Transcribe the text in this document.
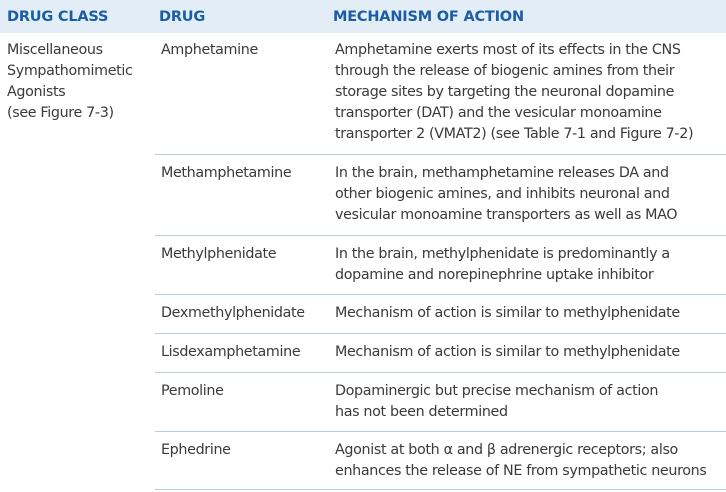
DRUG CLASS	DRUG	MECHANISM OF ACTION
Miscellaneous
Sympathomimetic
Agonists
(see Figure 7-3)
Amphetamine	Amphetamine exerts most of its effects in the CNS
through the release of biogenic amines from their
storage sites by targeting the neuronal dopamine
transporter (DAT) and the vesicular monoamine
transporter 2 (VMAT2) (see Table 7-1 and Figure 7-2)
Methamphetamine	In the brain, methamphetamine releases DA and
other biogenic amines, and inhibits neuronal and
vesicular monoamine transporters as well as MAO
Methylphenidate	In the brain, methylphenidate is predominantly a
dopamine and norepinephrine uptake inhibitor
Dexmethylphenidate Mechanism of action is similar to methylphenidate
Lisdexamphetamine Mechanism of action is similar to methylphenidate
Pemoline	Dopaminergic but precise mechanism of action
has not been determined
Ephedrine	Agonist at both α and β adrenergic receptors; also
enhances the release of NE from sympathetic neurons
